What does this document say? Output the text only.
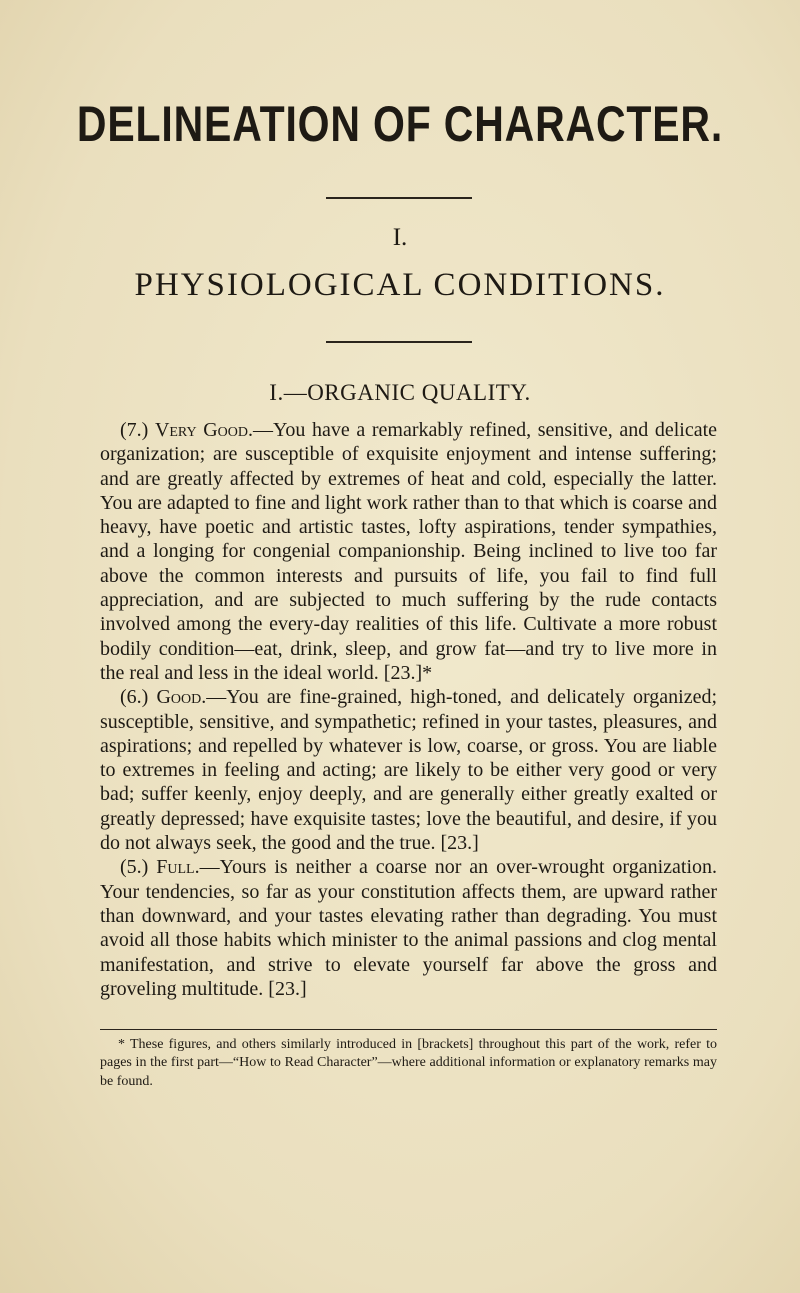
DELINEATION OF CHARACTER.
I.
PHYSIOLOGICAL CONDITIONS.
I.—ORGANIC QUALITY.

(7.) Very Good.—You have a remarkably refined, sensitive, and delicate organization; are susceptible of exquisite enjoyment and intense suffering; and are greatly affected by extremes of heat and cold, especially the latter. You are adapted to fine and light work rather than to that which is coarse and heavy, have poetic and artistic tastes, lofty aspirations, tender sympathies, and a longing for congenial companionship. Being inclined to live too far above the common interests and pursuits of life, you fail to find full appreciation, and are subjected to much suffering by the rude contacts involved among the every-day realities of this life. Cultivate a more robust bodily condition—eat, drink, sleep, and grow fat—and try to live more in the real and less in the ideal world. [23.]*

(6.) Good.—You are fine-grained, high-toned, and delicately organized; susceptible, sensitive, and sympathetic; refined in your tastes, pleasures, and aspirations; and repelled by whatever is low, coarse, or gross. You are liable to extremes in feeling and acting; are likely to be either very good or very bad; suffer keenly, enjoy deeply, and are generally either greatly exalted or greatly depressed; have exquisite tastes; love the beautiful, and desire, if you do not always seek, the good and the true. [23.]

(5.) Full.—Yours is neither a coarse nor an over-wrought organization. Your tendencies, so far as your constitution affects them, are upward rather than downward, and your tastes elevating rather than degrading. You must avoid all those habits which minister to the animal passions and clog mental manifestation, and strive to elevate yourself far above the gross and groveling multitude. [23.]

* These figures, and others similarly introduced in [brackets] throughout this part of the work, refer to pages in the first part—“How to Read Character”—where additional information or explanatory remarks may be found.
